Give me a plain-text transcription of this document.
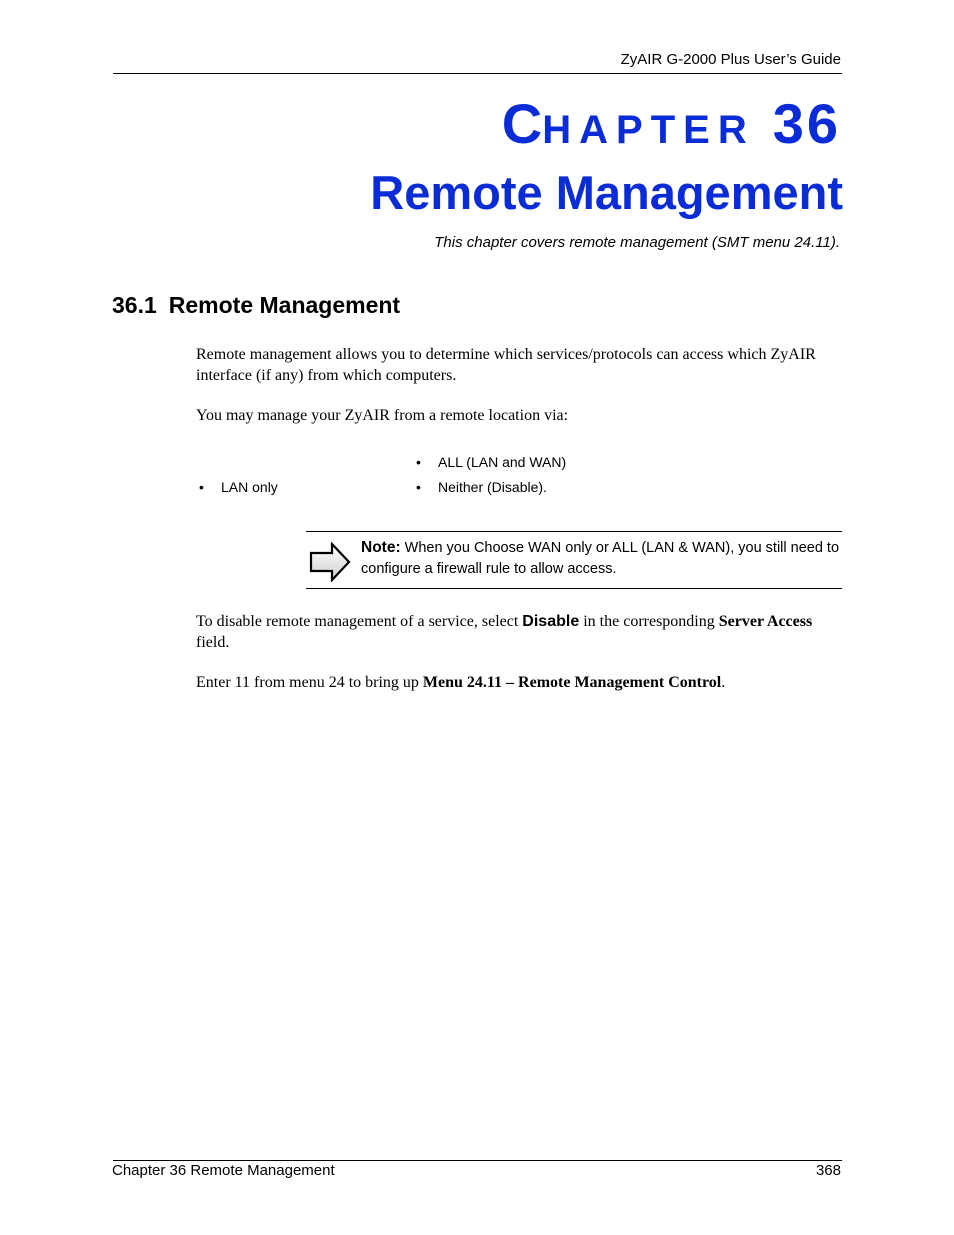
ZyAIR G-2000 Plus User’s Guide
CHAPTER 36
Remote Management
This chapter covers remote management (SMT menu 24.11).
36.1 Remote Management
Remote management allows you to determine which services/protocols can access which ZyAIR interface (if any) from which computers.
You may manage your ZyAIR from a remote location via:
• LAN only
• ALL (LAN and WAN)
• Neither (Disable).
Note: When you Choose WAN only or ALL (LAN & WAN), you still need to configure a firewall rule to allow access.
To disable remote management of a service, select Disable in the corresponding Server Access field.
Enter 11 from menu 24 to bring up Menu 24.11 – Remote Management Control.
Chapter 36 Remote Management	368
